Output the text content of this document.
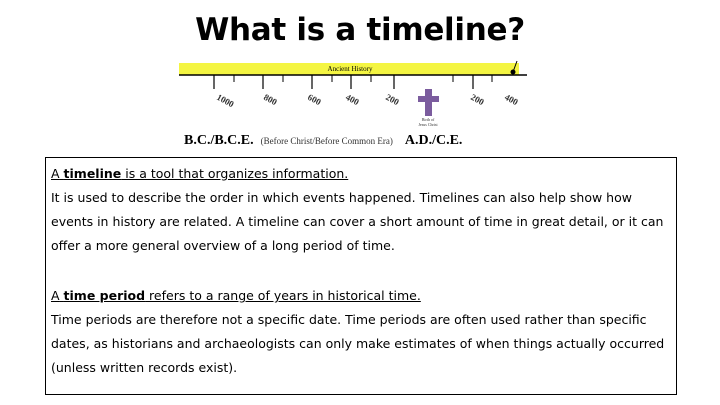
What is a timeline?
Ancient History
1000	800	600 400	200	200 400
Birth of
Jesus Christ
B.C./B.C.E. (Before Christ/Before Common Era) A.D./C.E.

A timeline is a tool that organizes information.

It is used to describe the order in which events happened. Timelines can also help show how events in history are related. A timeline can cover a short amount of time in great detail, or it can offer a more general overview of a long period of time.

A time period refers to a range of years in historical time.

Time periods are therefore not a specific date. Time periods are often used rather than specific dates, as historians and archaeologists can only make estimates of when things actually occurred (unless written records exist).
